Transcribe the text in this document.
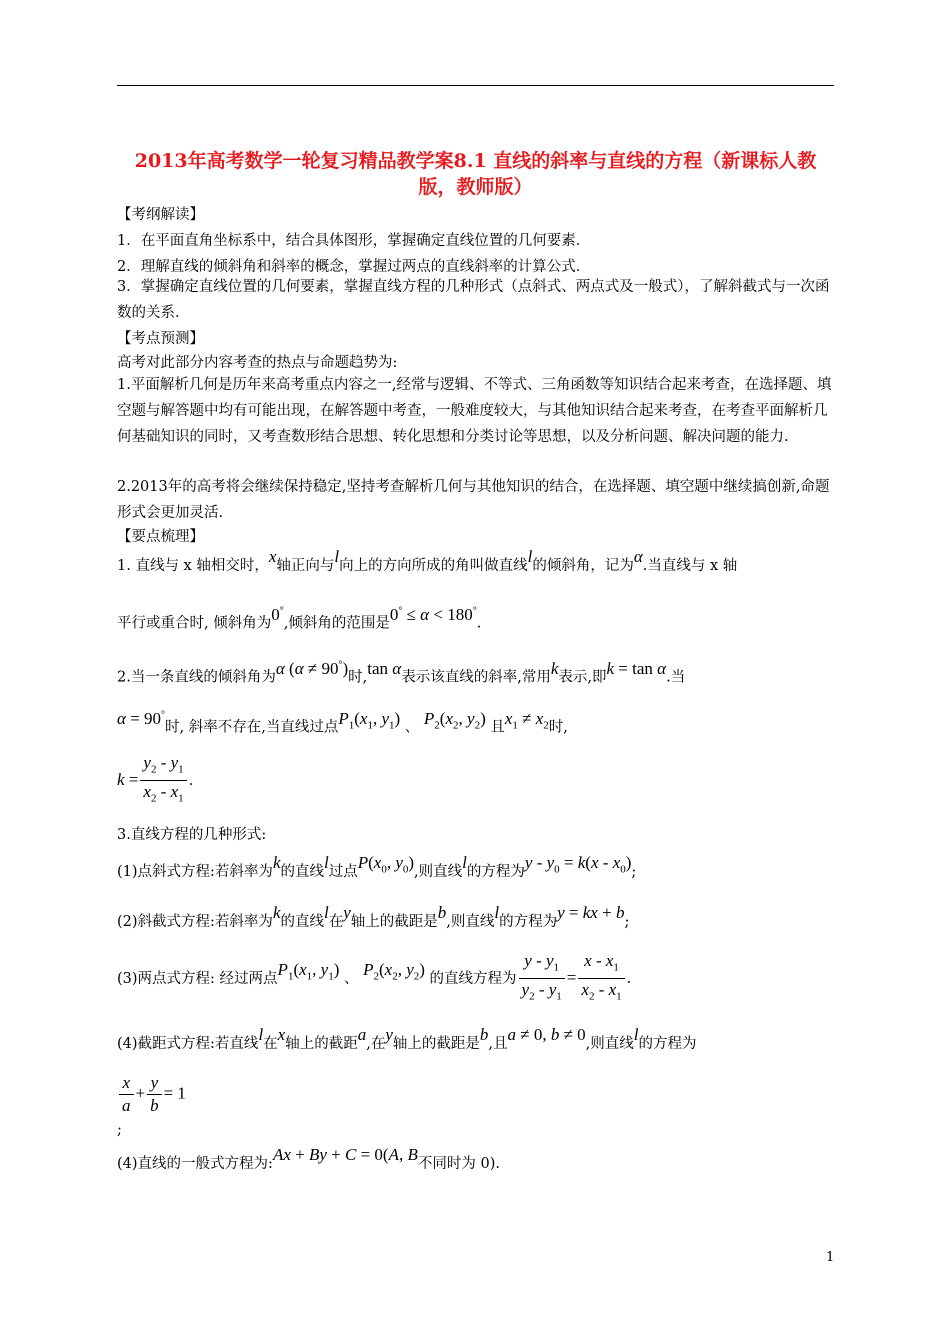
2013年高考数学一轮复习精品教学案8.1 直线的斜率与直线的方程（新课标人教版，教师版）

【考纲解读】

1．在平面直角坐标系中，结合具体图形，掌握确定直线位置的几何要素．

2．理解直线的倾斜角和斜率的概念，掌握过两点的直线斜率的计算公式．

3．掌握确定直线位置的几何要素，掌握直线方程的几种形式（点斜式、两点式及一般式），了解斜截式与一次函数的关系．

【考点预测】

高考对此部分内容考查的热点与命题趋势为:

1.平面解析几何是历年来高考重点内容之一,经常与逻辑、不等式、三角函数等知识结合起来考查，在选择题、填空题与解答题中均有可能出现，在解答题中考查，一般难度较大，与其他知识结合起来考查，在考查平面解析几何基础知识的同时，又考查数形结合思想、转化思想和分类讨论等思想，以及分析问题、解决问题的能力.

2.2013年的高考将会继续保持稳定,坚持考查解析几何与其他知识的结合，在选择题、填空题中继续搞创新,命题形式会更加灵活.

【要点梳理】

1. 直线与 x 轴相交时，x轴正向与l向上的方向所成的角叫做直线l的倾斜角，记为α.当直线与 x 轴

平行或重合时, 倾斜角为0°,倾斜角的范围是0° ≤ α < 180°.

2.当一条直线的倾斜角为α (α ≠ 90°)时,tan α表示该直线的斜率,常用k表示,即k = tan α.当

α = 90°时, 斜率不存在,当直线过点$P_1(x_1$, $y_1$) 、 $P_2(x_2$, $y_2$) 且$x_1 \ne x_2$时,

$k = \frac{y_2 - y_1}{x_2 - x_1}$ .

3.直线方程的几种形式:

(1)点斜式方程:若斜率为k的直线l过点$P(x_0$, $y_0$),则直线l的方程为$y - y_0 = k(x - x_0)$;

(2)斜截式方程:若斜率为k的直线l在y轴上的截距是b,则直线l的方程为y = kx + b;

(3)两点式方程: 经过两点$P_1(x_1$, $y_1$) 、 $P_2(x_2$, $y_2$) 的直线方程为 $\frac{y - y_1}{y_2 - y_1} = \frac{x - x_1}{x_2 - x_1}$ .

(4)截距式方程:若直线l在x轴上的截距a,在y轴上的截距是b,且a ≠ 0, b ≠ 0,则直线l的方程为

$\frac{x}{a} + \frac{y}{b} = 1$
;

(4)直线的一般式方程为:Ax + By + C = 0(A, B不同时为 0).

1
